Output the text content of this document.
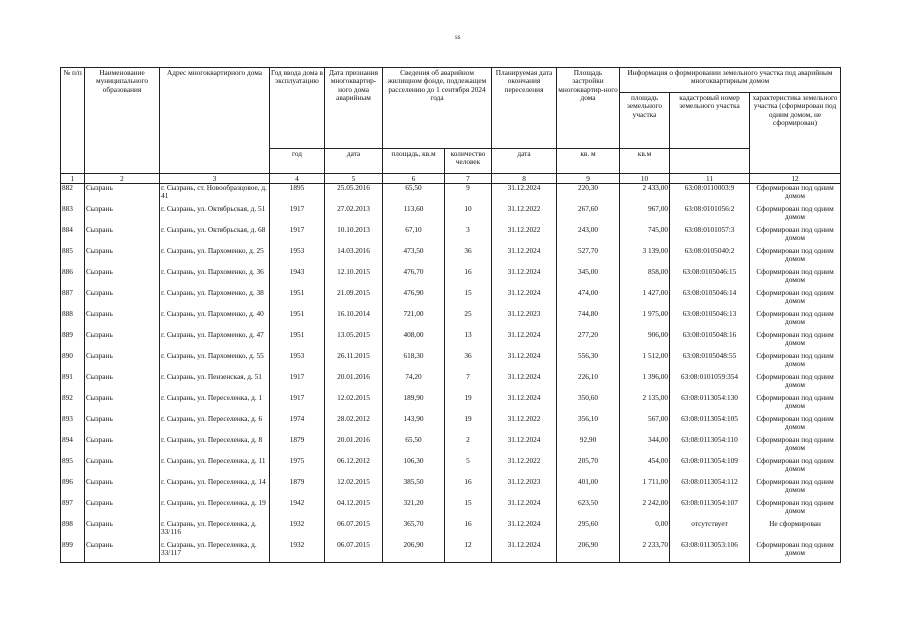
ss
№ п/п	Наименование муниципального образования	Адрес многоквартирного дома	Год ввода дома в эксплуатацию	Дата признания многоквартир-ного дома аварийным	Сведения об аварийном жилищном фонде, подлежащем расселению до 1 сентября 2024 года		Планируемая дата окончания переселения	Площадь застройки многоквартир-ного дома	Информация о формировании земельного участка под аварийным многоквартирным домом		
									площадь земельного участка	кадастровый номер земельного участка	характеристика земельного участка (сформирован под одним домом, не сформирован)
			год	дата	площадь, кв.м	количество человек	дата	кв. м	кв.м		
1	2	3	4	5	6	7	8	9	10	11	12
882	Сызрань	г. Сызрань, ст. Новообразцовое, д. 41	1895	25.05.2016	65,50	9	31.12.2024	220,30	2 433,00	63:08:0110003:9	Сформирован под одним домом
883	Сызрань	г. Сызрань, ул. Октябрьская, д. 51	1917	27.02.2013	113,60	10	31.12.2022	267,60	967,00	63:08:0101056:2	Сформирован под одним домом
884	Сызрань	г. Сызрань, ул. Октябрьская, д. 68	1917	10.10.2013	67,10	3	31.12.2022	243,00	745,00	63:08:0101057:3	Сформирован под одним домом
885	Сызрань	г. Сызрань, ул. Пархоменко, д. 25	1953	14.03.2016	473,50	36	31.12.2024	527,70	3 139,00	63:08:0105040:2	Сформирован под одним домом
886	Сызрань	г. Сызрань, ул. Пархоменко, д. 36	1943	12.10.2015	476,70	16	31.12.2024	345,00	858,00	63:08:0105046:15	Сформирован под одним домом
887	Сызрань	г. Сызрань, ул. Пархоменко, д. 38	1951	21.09.2015	476,90	15	31.12.2024	474,00	1 427,00	63:08:0105046:14	Сформирован под одним домом
888	Сызрань	г. Сызрань, ул. Пархоменко, д. 40	1951	16.10.2014	721,00	25	31.12.2023	744,80	1 975,00	63:08:0105046:13	Сформирован под одним домом
889	Сызрань	г. Сызрань, ул. Пархоменко, д. 47	1951	13.05.2015	408,00	13	31.12.2024	277,20	906,00	63:08:0105048:16	Сформирован под одним домом
890	Сызрань	г. Сызрань, ул. Пархоменко, д. 55	1953	26.11.2015	618,30	36	31.12.2024	556,30	1 512,00	63:08:0105048:55	Сформирован под одним домом
891	Сызрань	г. Сызрань, ул. Пензенская, д. 51	1917	20.01.2016	74,20	7	31.12.2024	226,10	1 396,00	63:08:0101059:354	Сформирован под одним домом
892	Сызрань	г. Сызрань, ул. Переселенка, д. 1	1917	12.02.2015	189,90	19	31.12.2024	350,60	2 135,00	63:08:0113054:130	Сформирован под одним домом
893	Сызрань	г. Сызрань, ул. Переселенка, д. 6	1974	28.02.2012	143,90	19	31.12.2022	356,10	567,00	63:08:0113054:105	Сформирован под одним домом
894	Сызрань	г. Сызрань, ул. Переселенка, д. 8	1879	20.01.2016	65,50	2	31.12.2024	92,90	344,00	63:08:0113054:110	Сформирован под одним домом
895	Сызрань	г. Сызрань, ул. Переселенка, д. 11	1975	06.12.2012	106,30	5	31.12.2022	205,70	454,00	63:08:0113054:109	Сформирован под одним домом
896	Сызрань	г. Сызрань, ул. Переселенка, д. 14	1879	12.02.2015	385,50	16	31.12.2023	401,00	1 711,00	63:08:0113054:112	Сформирован под одним домом
897	Сызрань	г. Сызрань, ул. Переселенка, д. 19	1942	04.12.2015	321,20	15	31.12.2024	623,50	2 242,00	63:08:0113054:107	Сформирован под одним домом
898	Сызрань	г. Сызрань, ул. Переселенка, д. 33/116	1932	06.07.2015	365,70	16	31.12.2024	295,60	0,00	отсутствует	Не сформирован
899	Сызрань	г. Сызрань, ул. Переселенка, д. 33/117	1932	06.07.2015	206,90	12	31.12.2024	206,90	2 233,70	63:08:0113053:106	Сформирован под одним домом
